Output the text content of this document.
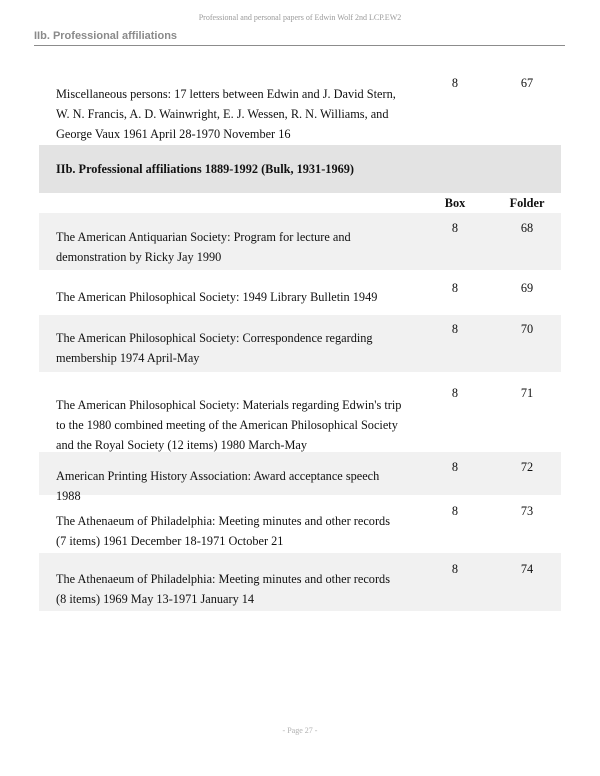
Professional and personal papers of Edwin Wolf 2nd LCP.EW2
IIb. Professional affiliations
Miscellaneous persons: 17 letters between Edwin and J. David Stern, W. N. Francis, A. D. Wainwright, E. J. Wessen, R. N. Williams, and George Vaux 1961 April 28-1970 November 16
8	67
IIb. Professional affiliations 1889-1992 (Bulk, 1931-1969)
Box	Folder
The American Antiquarian Society: Program for lecture and demonstration by Ricky Jay 1990
8	68
The American Philosophical Society: 1949 Library Bulletin 1949
8	69
The American Philosophical Society: Correspondence regarding membership 1974 April-May
8	70
The American Philosophical Society: Materials regarding Edwin's trip to the 1980 combined meeting of the American Philosophical Society and the Royal Society (12 items) 1980 March-May
8	71
American Printing History Association: Award acceptance speech 1988
8	72
The Athenaeum of Philadelphia: Meeting minutes and other records (7 items) 1961 December 18-1971 October 21
8	73
The Athenaeum of Philadelphia: Meeting minutes and other records (8 items) 1969 May 13-1971 January 14
8	74
- Page 27 -
